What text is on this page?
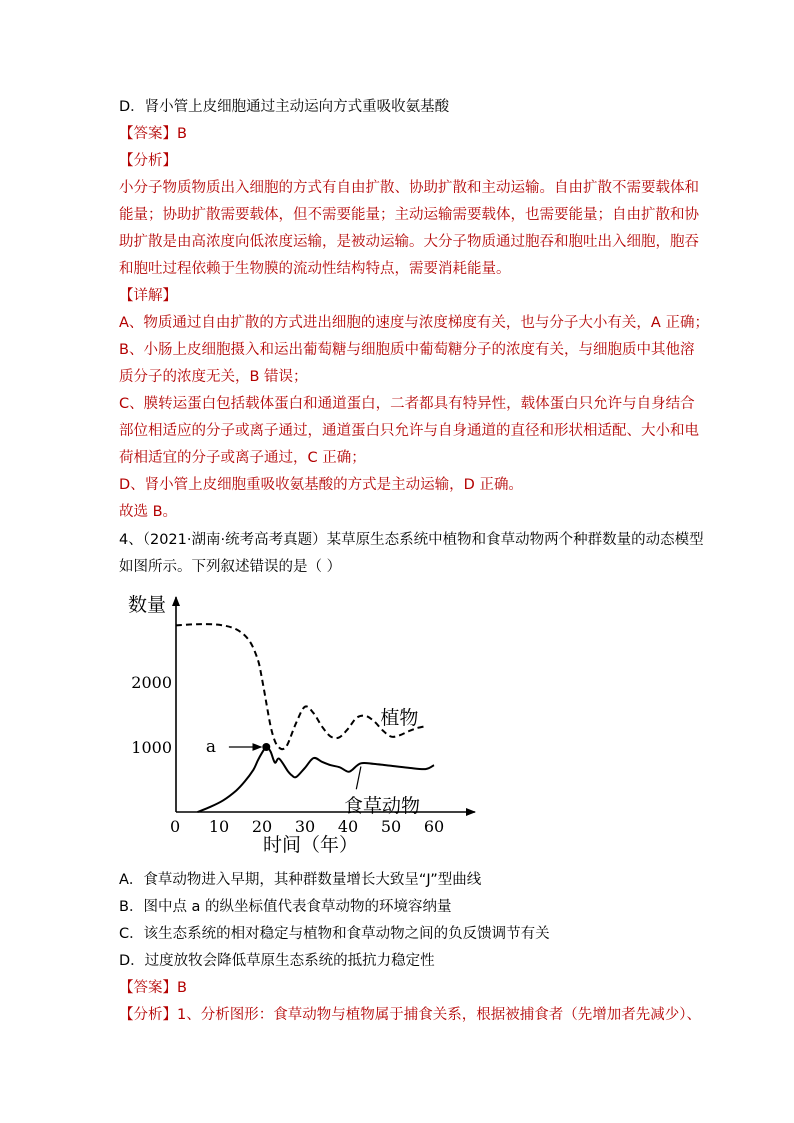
D．肾小管上皮细胞通过主动运向方式重吸收氨基酸

【答案】B

【分析】

小分子物质物质出入细胞的方式有自由扩散、协助扩散和主动运输。自由扩散不需要载体和

能量；协助扩散需要载体，但不需要能量；主动运输需要载体，也需要能量；自由扩散和协

助扩散是由高浓度向低浓度运输，是被动运输。大分子物质通过胞吞和胞吐出入细胞，胞吞

和胞吐过程依赖于生物膜的流动性结构特点，需要消耗能量。

【详解】

A、物质通过自由扩散的方式进出细胞的速度与浓度梯度有关，也与分子大小有关，A 正确；

B、小肠上皮细胞摄入和运出葡萄糖与细胞质中葡萄糖分子的浓度有关，与细胞质中其他溶

质分子的浓度无关，B 错误；

C、膜转运蛋白包括载体蛋白和通道蛋白，二者都具有特异性，载体蛋白只允许与自身结合

部位相适应的分子或离子通过，通道蛋白只允许与自身通道的直径和形状相适配、大小和电

荷相适宜的分子或离子通过，C 正确；

D、肾小管上皮细胞重吸收氨基酸的方式是主动运输，D 正确。

故选 B。

4、（2021·湖南·统考高考真题）某草原生态系统中植物和食草动物两个种群数量的动态模型

如图所示。下列叙述错误的是（ ）

数量
时间（年）
0 10 20 30 40 50 60
1000
2000
植物
食草动物
a

A．食草动物进入早期，其种群数量增长大致呈“J”型曲线

B．图中点 a 的纵坐标值代表食草动物的环境容纳量

C．该生态系统的相对稳定与植物和食草动物之间的负反馈调节有关

D．过度放牧会降低草原生态系统的抵抗力稳定性

【答案】B

【分析】1、分析图形：食草动物与植物属于捕食关系，根据被捕食者（先增加者先减少）、
